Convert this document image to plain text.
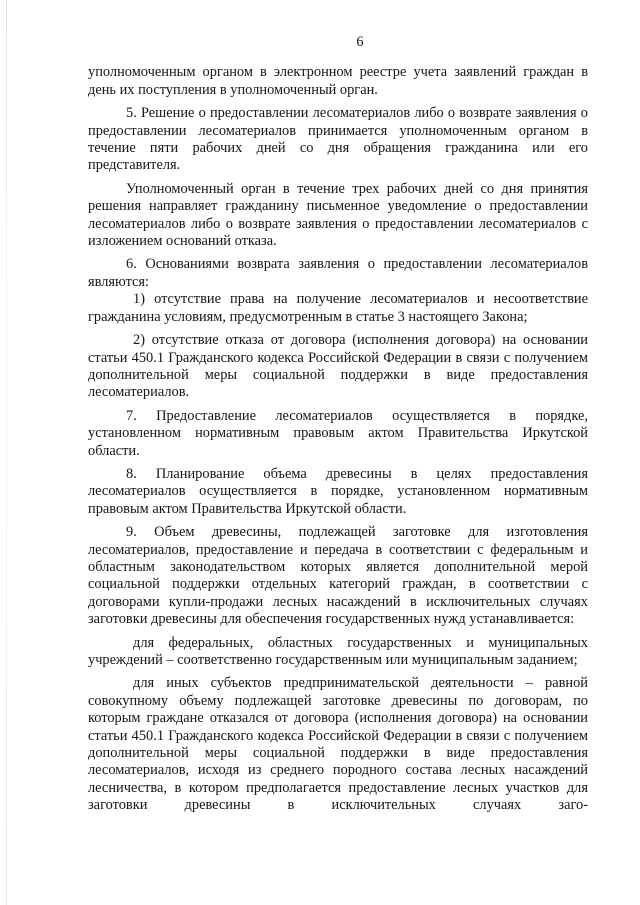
6

уполномоченным органом в электронном реестре учета заявлений граждан в день их поступления в уполномоченный орган.

5. Решение о предоставлении лесоматериалов либо о возврате заявления о предоставлении лесоматериалов принимается уполномоченным органом в течение пяти рабочих дней со дня обращения гражданина или его представителя.

Уполномоченный орган в течение трех рабочих дней со дня принятия решения направляет гражданину письменное уведомление о предоставлении лесоматериалов либо о возврате заявления о предоставлении лесоматериалов с изложением оснований отказа.

6. Основаниями возврата заявления о предоставлении лесоматериалов являются:

1) отсутствие права на получение лесоматериалов и несоответствие гражданина условиям, предусмотренным в статье 3 настоящего Закона;

2) отсутствие отказа от договора (исполнения договора) на основании статьи 450.1 Гражданского кодекса Российской Федерации в связи с получением дополнительной меры социальной поддержки в виде предоставления лесоматериалов.

7. Предоставление лесоматериалов осуществляется в порядке, установленном нормативным правовым актом Правительства Иркутской области.

8. Планирование объема древесины в целях предоставления лесоматериалов осуществляется в порядке, установленном нормативным правовым актом Правительства Иркутской области.

9. Объем древесины, подлежащей заготовке для изготовления лесоматериалов, предоставление и передача в соответствии с федеральным и областным законодательством которых является дополнительной мерой социальной поддержки отдельных категорий граждан, в соответствии с договорами купли-продажи лесных насаждений в исключительных случаях заготовки древесины для обеспечения государственных нужд устанавливается:

для федеральных, областных государственных и муниципальных учреждений – соответственно государственным или муниципальным заданием;

для иных субъектов предпринимательской деятельности – равной совокупному объему подлежащей заготовке древесины по договорам, по которым граждане отказался от договора (исполнения договора) на основании статьи 450.1 Гражданского кодекса Российской Федерации в связи с получением дополнительной меры социальной поддержки в виде предоставления лесоматериалов, исходя из среднего породного состава лесных насаждений лесничества, в котором предполагается предоставление лесных участков для заготовки древесины в исключительных случаях заго-
